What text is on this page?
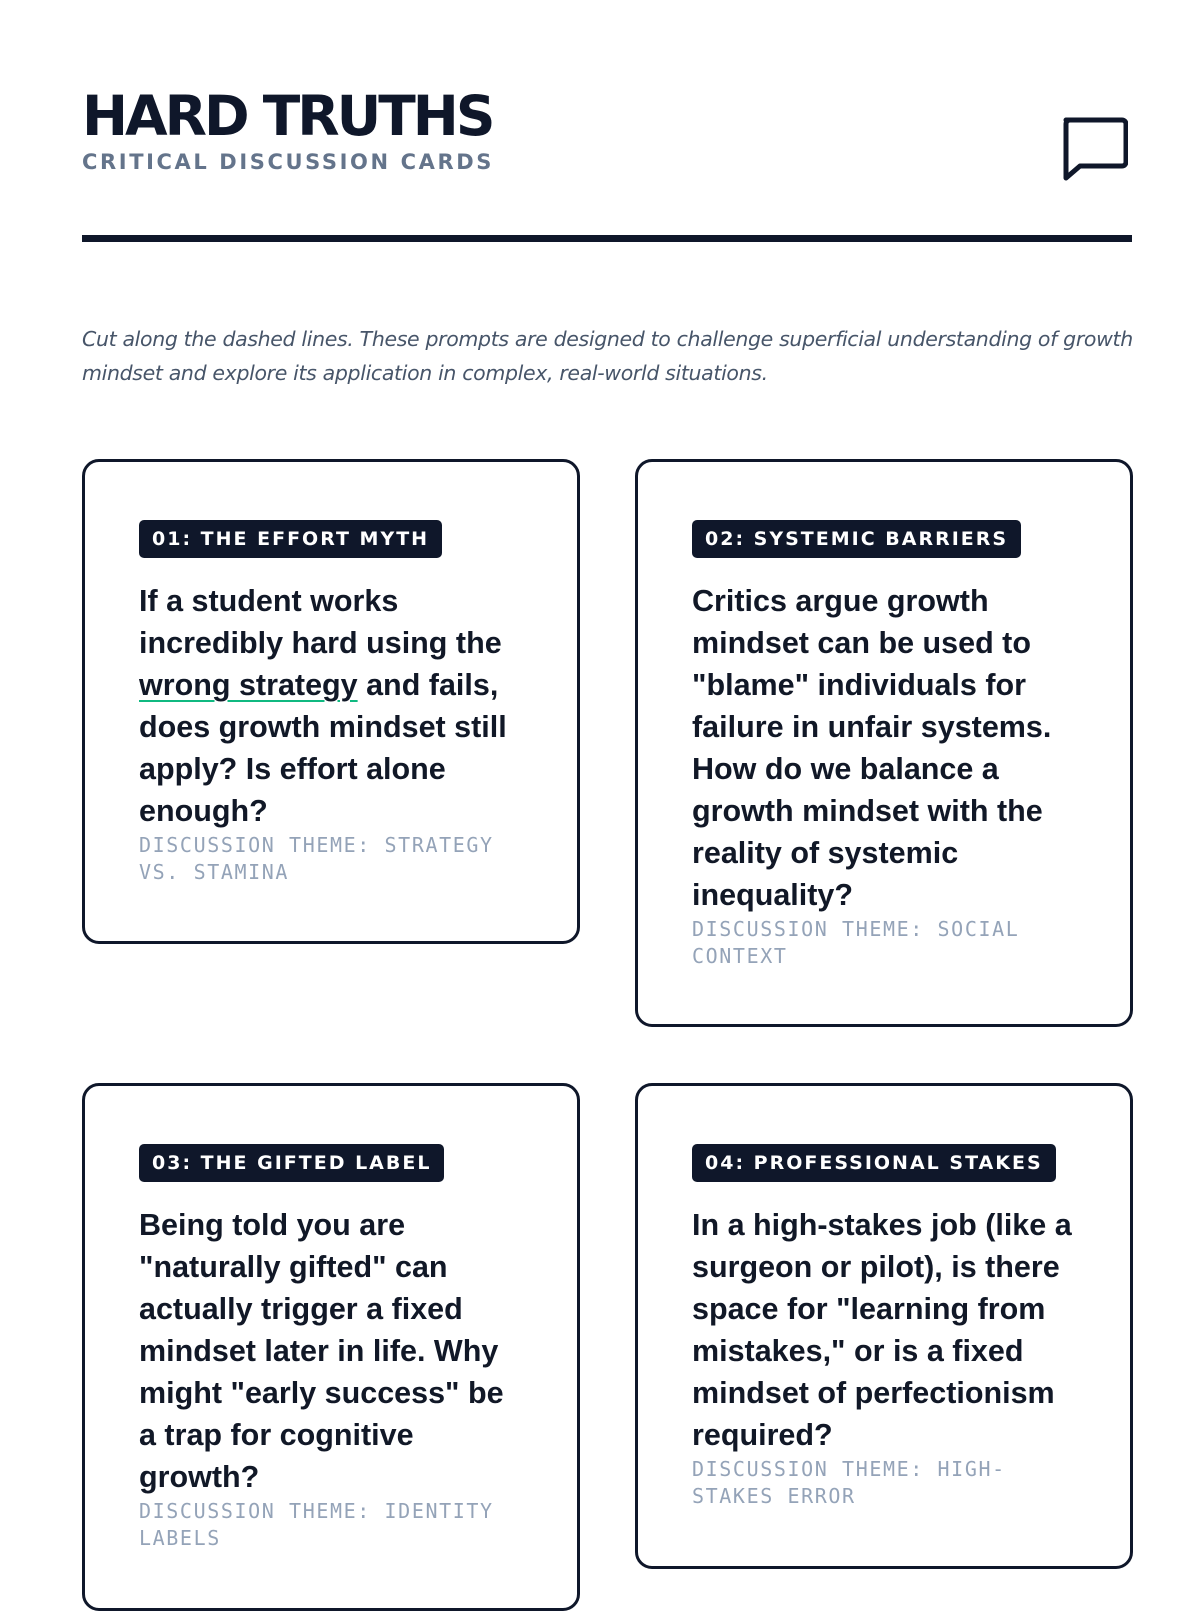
HARD TRUTHS
CRITICAL DISCUSSION CARDS

Cut along the dashed lines. These prompts are designed to challenge superficial understanding of growth mindset and explore its application in complex, real-world situations.

01: THE EFFORT MYTH

If a student works incredibly hard using the wrong strategy and fails, does growth mindset still apply? Is effort alone enough?

DISCUSSION THEME: STRATEGY VS. STAMINA

02: SYSTEMIC BARRIERS

Critics argue growth mindset can be used to "blame" individuals for failure in unfair systems. How do we balance a growth mindset with the reality of systemic inequality?

DISCUSSION THEME: SOCIAL CONTEXT

03: THE GIFTED LABEL

Being told you are "naturally gifted" can actually trigger a fixed mindset later in life. Why might "early success" be a trap for cognitive growth?

DISCUSSION THEME: IDENTITY LABELS

04: PROFESSIONAL STAKES

In a high-stakes job (like a surgeon or pilot), is there space for "learning from mistakes," or is a fixed mindset of perfectionism required?

DISCUSSION THEME: HIGH-STAKES ERROR
